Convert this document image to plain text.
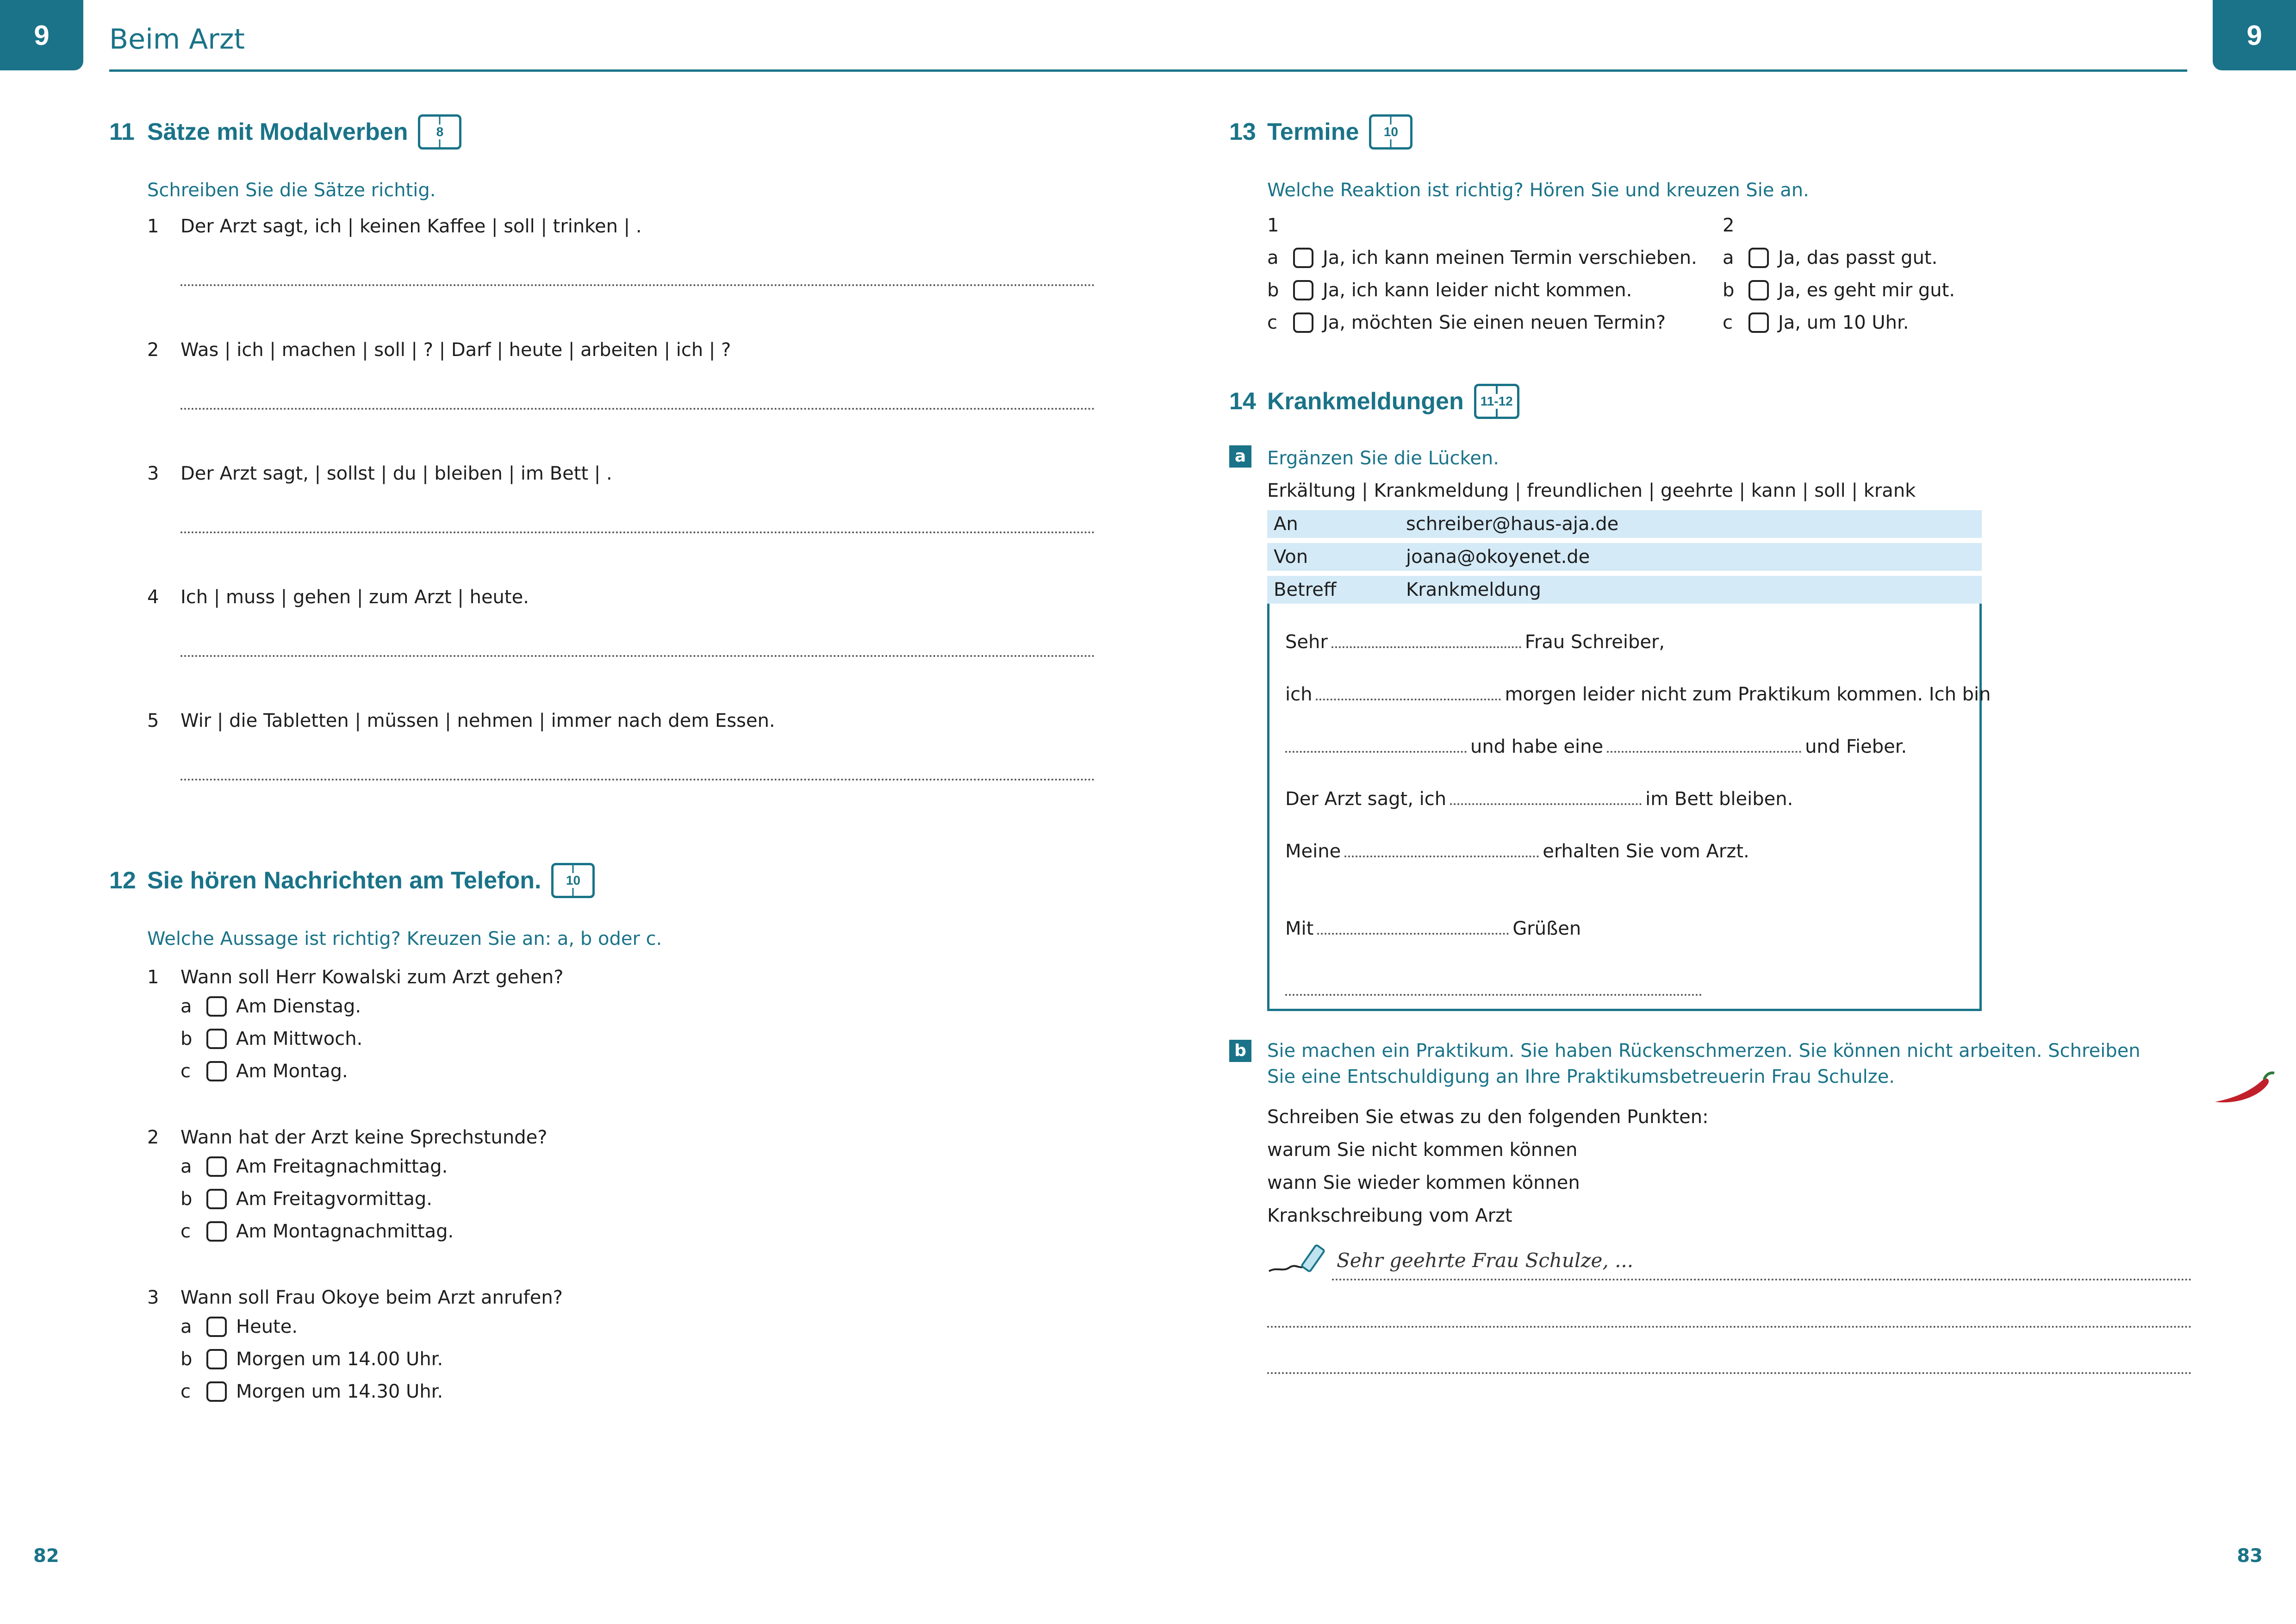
9	9
Beim Arzt
11 Sätze mit Modalverben 8
Schreiben Sie die Sätze richtig.
1 Der Arzt sagt, ich | keinen Kaffee | soll | trinken | .
2 Was | ich | machen | soll | ? | Darf | heute | arbeiten | ich | ?
3 Der Arzt sagt, | sollst | du | bleiben | im Bett | .
4 Ich | muss | gehen | zum Arzt | heute.
5 Wir | die Tabletten | müssen | nehmen | immer nach dem Essen.
12 Sie hören Nachrichten am Telefon. 10
Welche Aussage ist richtig? Kreuzen Sie an: a, b oder c.
1	Wann soll Herr Kowalski zum Arzt gehen?
a	Am Dienstag.
b	Am Mittwoch.
c	Am Montag.
2	Wann hat der Arzt keine Sprechstunde?
a	Am Freitagnachmittag.
b	Am Freitagvormittag.
c	Am Montagnachmittag.
3	Wann soll Frau Okoye beim Arzt anrufen?
a	Heute.
b	Morgen um 14.00 Uhr.
c	Morgen um 14.30 Uhr.
13 Termine 10
Welche Reaktion ist richtig? Hören Sie und kreuzen Sie an.
1
a	Ja, ich kann meinen Termin verschieben.
b	Ja, ich kann leider nicht kommen.
c	Ja, möchten Sie einen neuen Termin?
2
a	Ja, das passt gut.
b	Ja, es geht mir gut.
c	Ja, um 10 Uhr.
14 Krankmeldungen 11-12
a Ergänzen Sie die Lücken.
Erkältung | Krankmeldung | freundlichen | geehrte | kann | soll | krank
An	schreiber@haus-aja.de
Von	joana@okoyenet.de
Betreff	Krankmeldung
Sehr	Frau Schreiber,
ich	morgen leider nicht zum Praktikum kommen. Ich bin
und habe eine	und Fieber.
Der Arzt sagt, ich	im Bett bleiben.
Meine	erhalten Sie vom Arzt.
Mit	Grüßen
b Sie machen ein Praktikum. Sie haben Rückenschmerzen. Sie können nicht arbeiten. Schreiben Sie eine Entschuldigung an Ihre Praktikumsbetreuerin Frau Schulze.
Schreiben Sie etwas zu den folgenden Punkten:
warum Sie nicht kommen können
wann Sie wieder kommen können
Krankschreibung vom Arzt
Sehr geehrte Frau Schulze, ...
82	83
